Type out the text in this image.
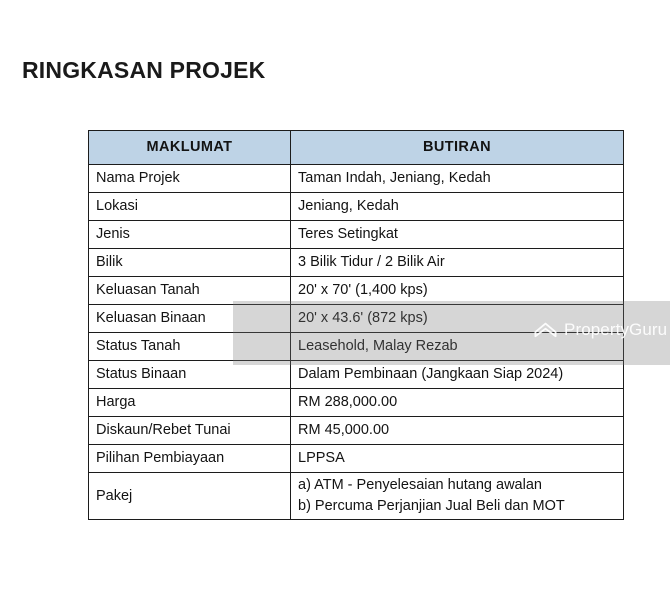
RINGKASAN PROJEK
MAKLUMAT	BUTIRAN
Nama Projek	Taman Indah, Jeniang, Kedah
Lokasi	Jeniang, Kedah
Jenis	Teres Setingkat
Bilik	3 Bilik Tidur / 2 Bilik Air
Keluasan Tanah	20' x 70' (1,400 kps)
Keluasan Binaan	20' x 43.6' (872 kps)
Status Tanah	Leasehold, Malay Rezab
Status Binaan	Dalam Pembinaan (Jangkaan Siap 2024)
Harga	RM 288,000.00
Diskaun/Rebet Tunai	RM 45,000.00
Pilihan Pembiayaan	LPPSA
Pakej	a) ATM - Penyelesaian hutang awalan
b) Percuma Perjanjian Jual Beli dan MOT
PropertyGuru
